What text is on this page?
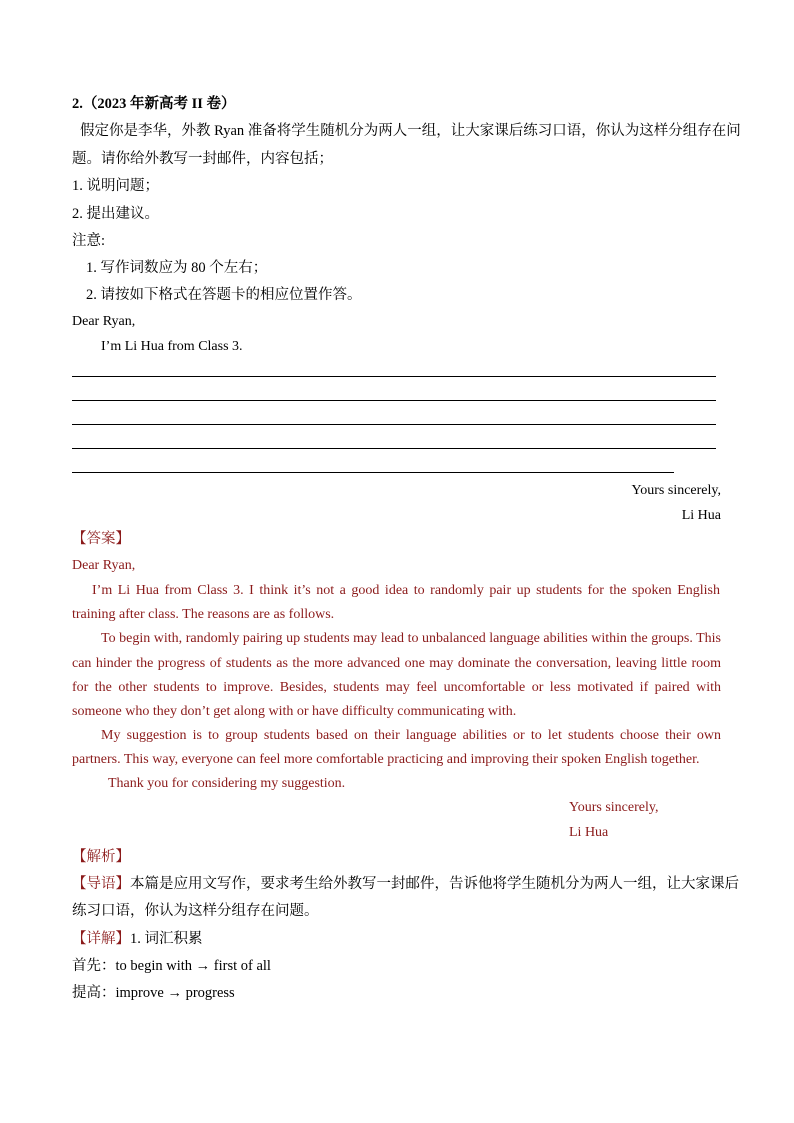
2.（2023 年新高考 II 卷）
假定你是李华，外教 Ryan 准备将学生随机分为两人一组，让大家课后练习口语，你认为这样分组存在问
题。请你给外教写一封邮件，内容包括；
1. 说明问题；
2. 提出建议。
注意:
1. 写作词数应为 80 个左右；
2. 请按如下格式在答题卡的相应位置作答。
Dear Ryan,
I’m Li Hua from Class 3.
Yours sincerely,
Li Hua
【答案】
Dear Ryan,
I’m Li Hua from Class 3. I think it’s not a good idea to randomly pair up students for the spoken English
training after class. The reasons are as follows.
To begin with, randomly pairing up students may lead to unbalanced language abilities within the groups. This
can hinder the progress of students as the more advanced one may dominate the conversation, leaving little room
for the other students to improve. Besides, students may feel uncomfortable or less motivated if paired with
someone who they don’t get along with or have difficulty communicating with.
My suggestion is to group students based on their language abilities or to let students choose their own
partners. This way, everyone can feel more comfortable practicing and improving their spoken English together.
Thank you for considering my suggestion.
Yours sincerely,
Li Hua
【解析】
【导语】本篇是应用文写作，要求考生给外教写一封邮件，告诉他将学生随机分为两人一组，让大家课后
练习口语，你认为这样分组存在问题。
【详解】1. 词汇积累
首先：to begin with → first of all
提高：improve → progress
